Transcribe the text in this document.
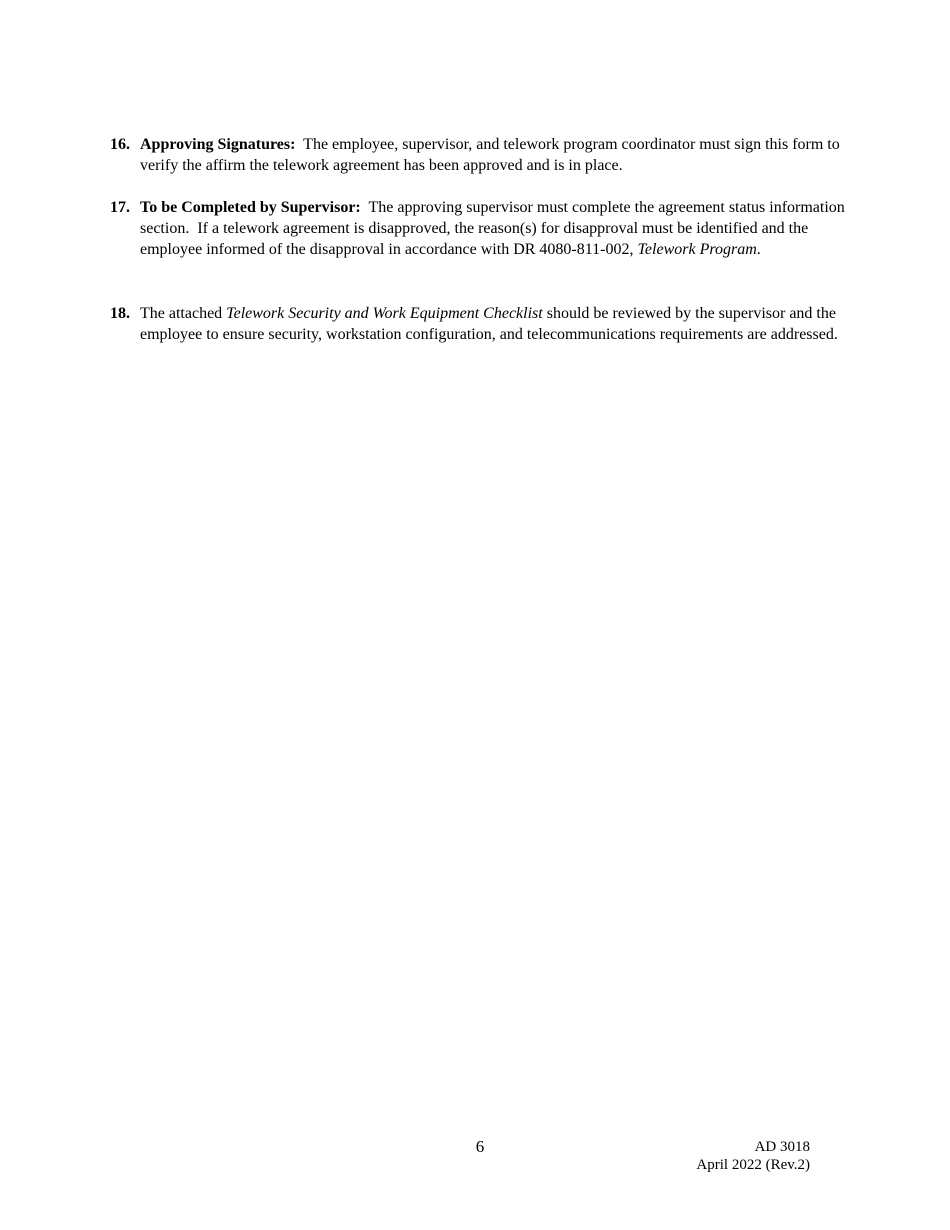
16. Approving Signatures:  The employee, supervisor, and telework program coordinator must sign this form to verify the affirm the telework agreement has been approved and is in place.
17. To be Completed by Supervisor:  The approving supervisor must complete the agreement status information section.  If a telework agreement is disapproved, the reason(s) for disapproval must be identified and the employee informed of the disapproval in accordance with DR 4080-811-002, Telework Program.
18. The attached Telework Security and Work Equipment Checklist should be reviewed by the supervisor and the employee to ensure security, workstation configuration, and telecommunications requirements are addressed.
6	AD 3018
April 2022 (Rev.2)
